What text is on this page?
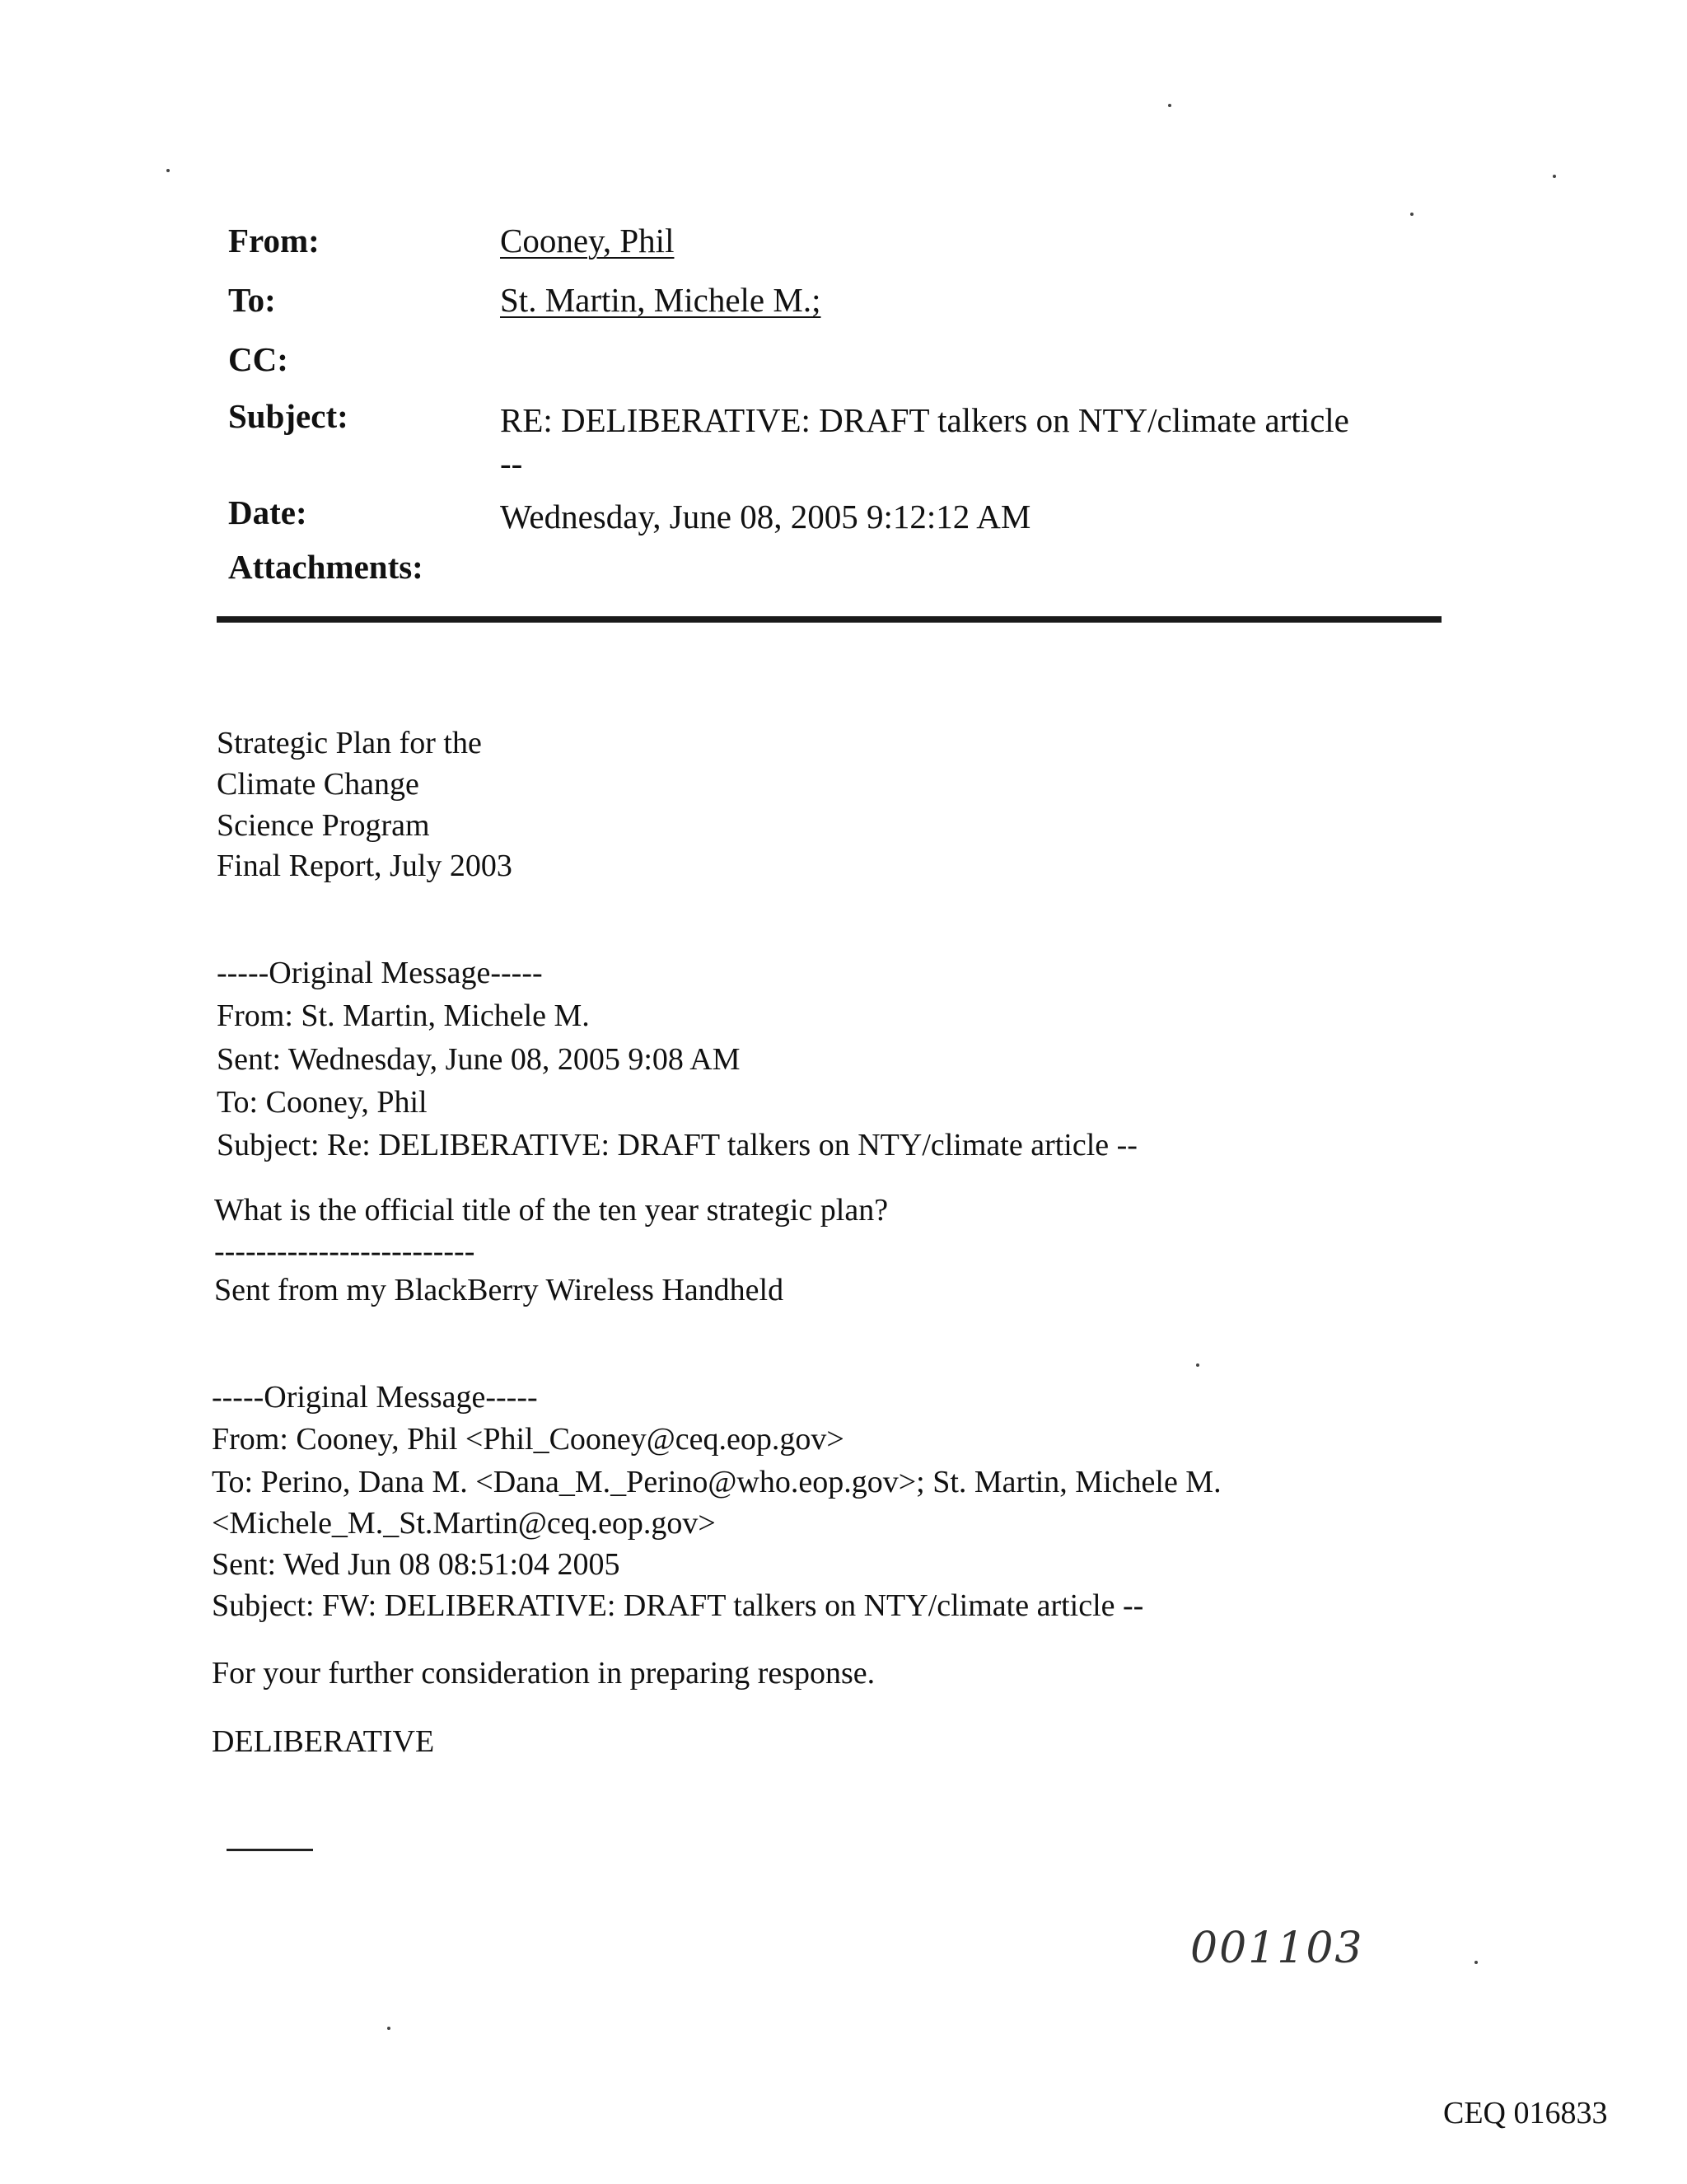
From:	Cooney, Phil
To:	St. Martin, Michele M.;
CC:
Subject:	RE: DELIBERATIVE: DRAFT talkers on NTY/climate article
--
Date:	Wednesday, June 08, 2005 9:12:12 AM
Attachments:
Strategic Plan for the
Climate Change
Science Program
Final Report, July 2003
-----Original Message-----
From: St. Martin, Michele M.
Sent: Wednesday, June 08, 2005 9:08 AM
To: Cooney, Phil
Subject: Re: DELIBERATIVE: DRAFT talkers on NTY/climate article --
What is the official title of the ten year strategic plan?
-------------------------
Sent from my BlackBerry Wireless Handheld
-----Original Message-----
From: Cooney, Phil <Phil_Cooney@ceq.eop.gov>
To: Perino, Dana M. <Dana_M._Perino@who.eop.gov>; St. Martin, Michele M.
<Michele_M._St.Martin@ceq.eop.gov>
Sent: Wed Jun 08 08:51:04 2005
Subject: FW: DELIBERATIVE: DRAFT talkers on NTY/climate article --
For your further consideration in preparing response.
DELIBERATIVE
001103
CEQ 016833
